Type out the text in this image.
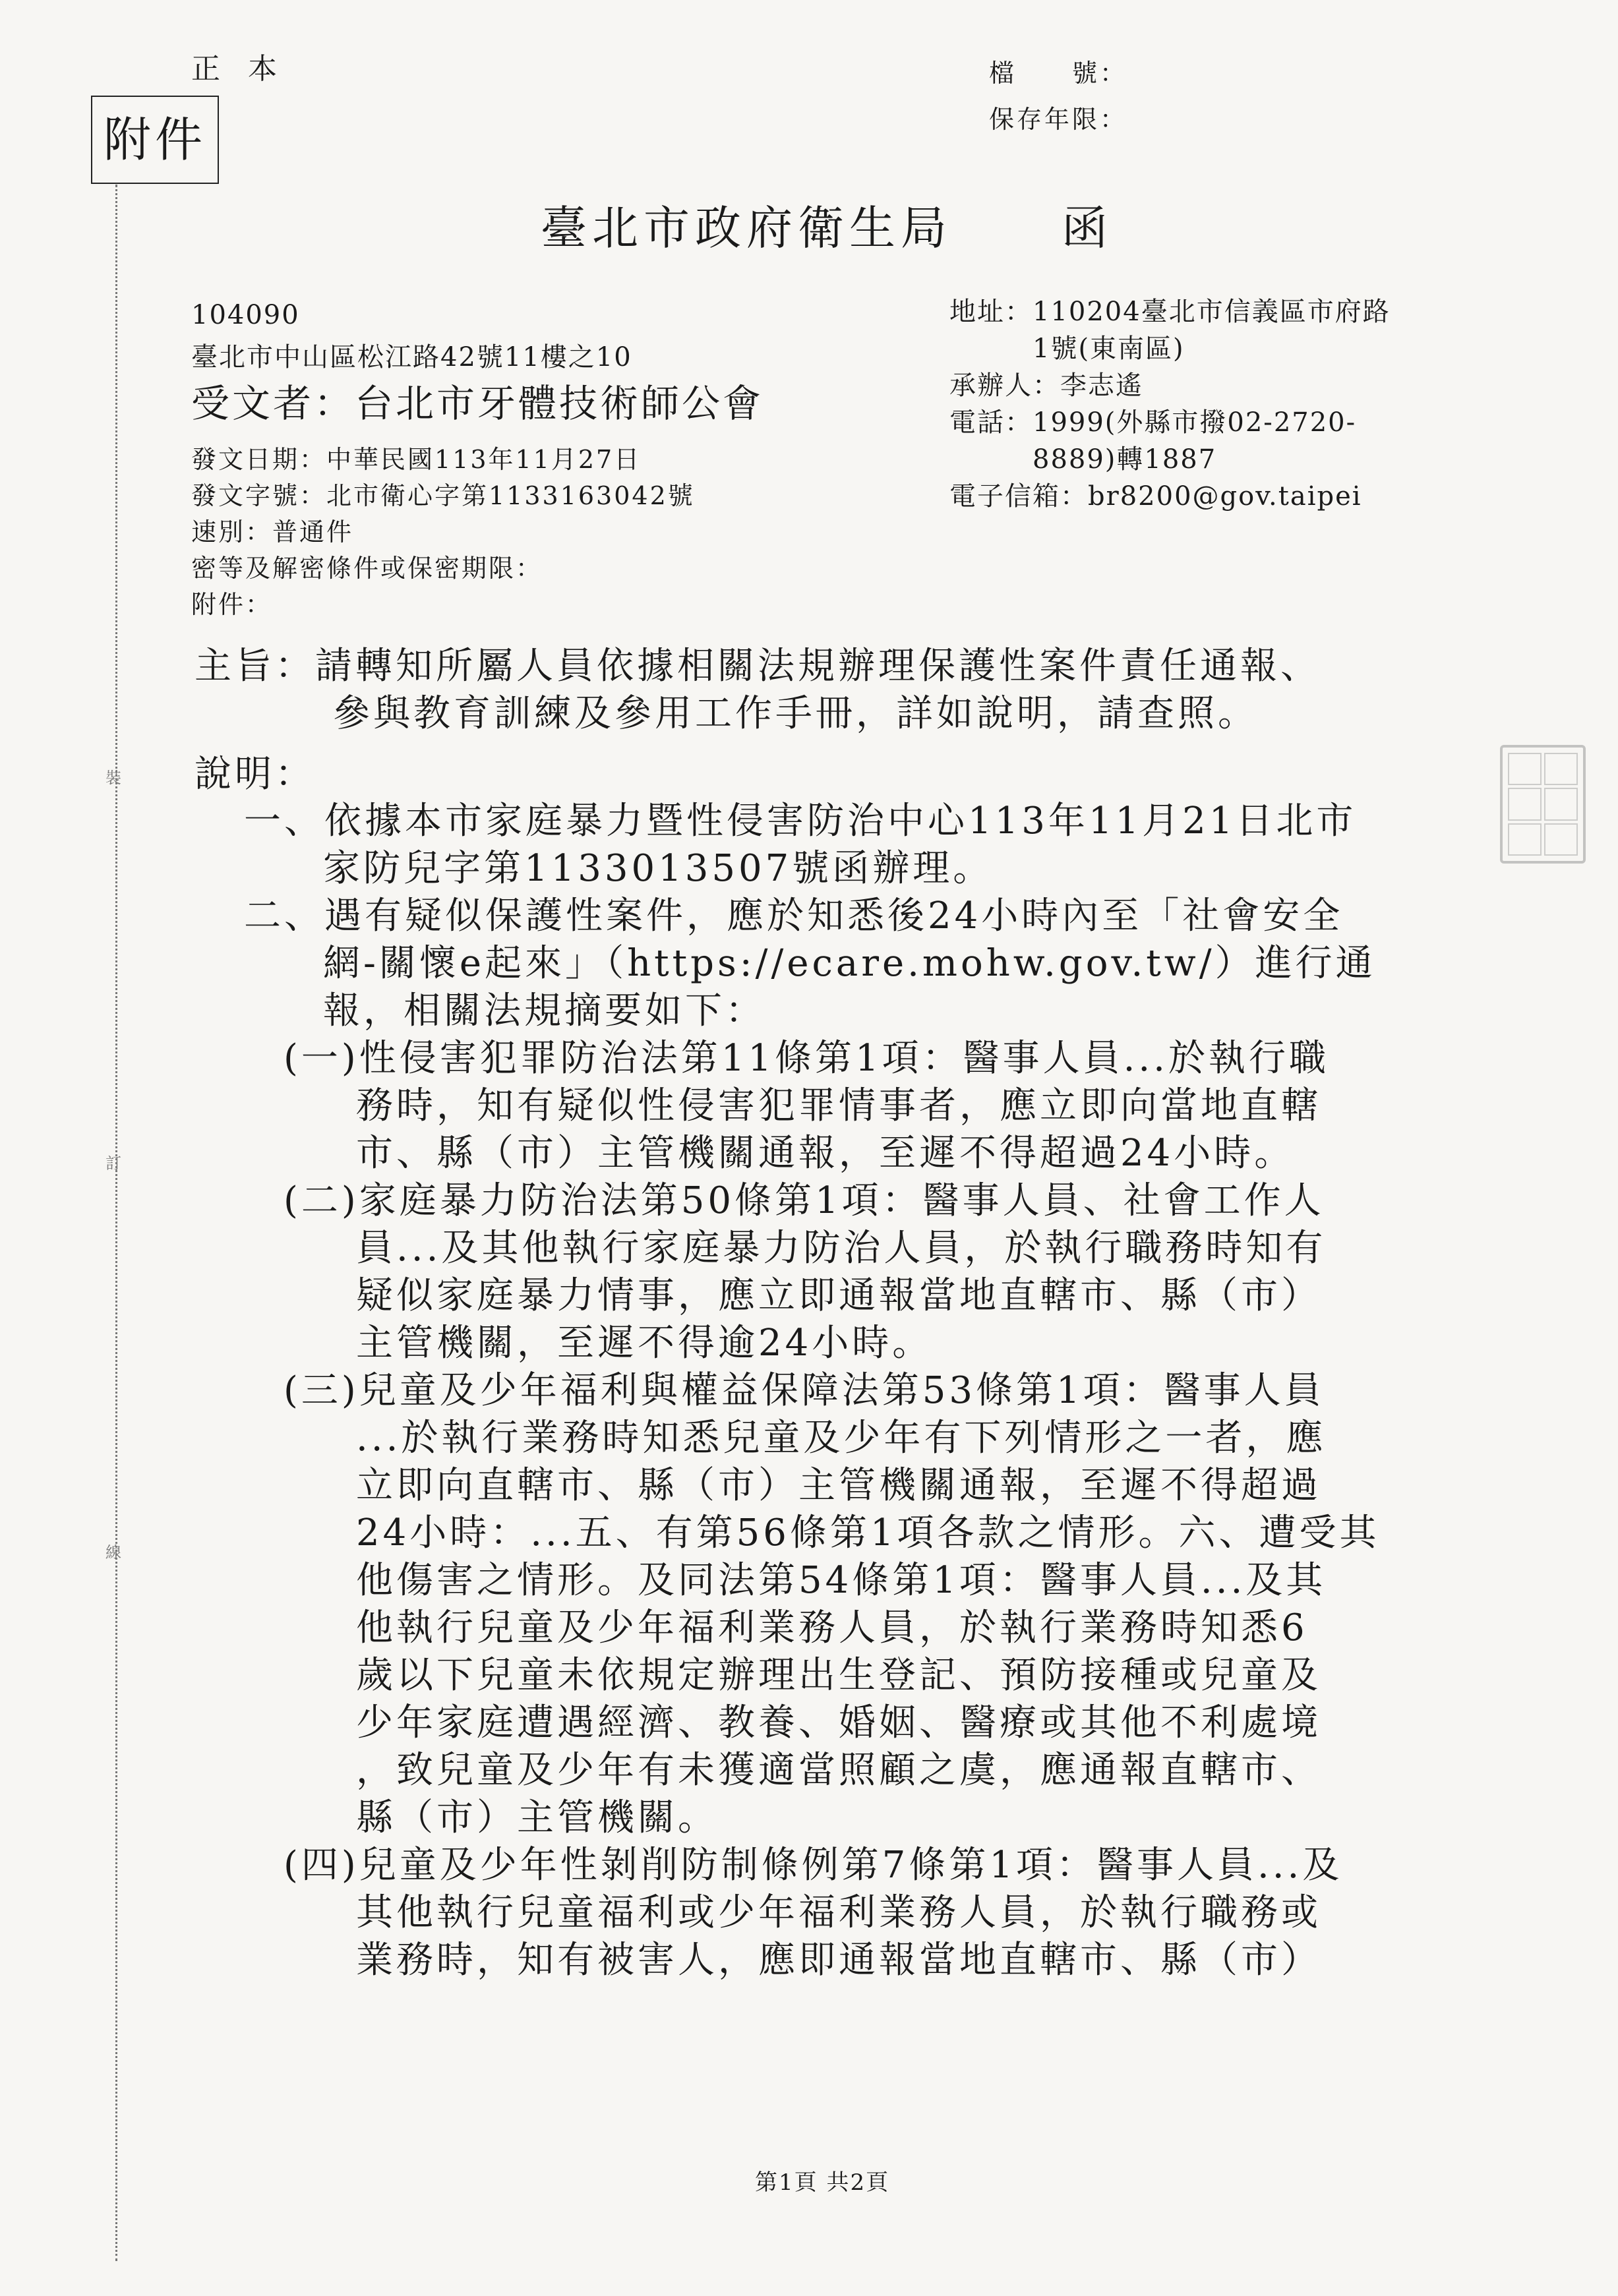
正本
附件
裝
訂
線
檔　　號：
保存年限：
臺北市政府衛生局 函
104090
臺北市中山區松江路42號11樓之10
受文者：台北市牙體技術師公會
地址：110204臺北市信義區市府路
　　　1號(東南區)
承辦人：李志遙
電話：1999(外縣市撥02-2720-
　　　8889)轉1887
電子信箱：br8200@gov.taipei
發文日期：中華民國113年11月27日
發文字號：北市衛心字第1133163042號
速別：普通件
密等及解密條件或保密期限：
附件：
主旨：請轉知所屬人員依據相關法規辦理保護性案件責任通報、
參與教育訓練及參用工作手冊，詳如說明，請查照。
說明：
一、依據本市家庭暴力暨性侵害防治中心113年11月21日北市
家防兒字第1133013507號函辦理。
二、遇有疑似保護性案件，應於知悉後24小時內至「社會安全
網-關懷e起來」（https://ecare.mohw.gov.tw/）進行通
報，相關法規摘要如下：
(一)性侵害犯罪防治法第11條第1項：醫事人員...於執行職
務時，知有疑似性侵害犯罪情事者，應立即向當地直轄
市、縣（市）主管機關通報，至遲不得超過24小時。
(二)家庭暴力防治法第50條第1項：醫事人員、社會工作人
員...及其他執行家庭暴力防治人員，於執行職務時知有
疑似家庭暴力情事，應立即通報當地直轄市、縣（市）
主管機關，至遲不得逾24小時。
(三)兒童及少年福利與權益保障法第53條第1項：醫事人員
...於執行業務時知悉兒童及少年有下列情形之一者，應
立即向直轄市、縣（市）主管機關通報，至遲不得超過
24小時：...五、有第56條第1項各款之情形。六、遭受其
他傷害之情形。及同法第54條第1項：醫事人員...及其
他執行兒童及少年福利業務人員，於執行業務時知悉6
歲以下兒童未依規定辦理出生登記、預防接種或兒童及
少年家庭遭遇經濟、教養、婚姻、醫療或其他不利處境
，致兒童及少年有未獲適當照顧之虞，應通報直轄市、
縣（市）主管機關。
(四)兒童及少年性剝削防制條例第7條第1項：醫事人員...及
其他執行兒童福利或少年福利業務人員，於執行職務或
業務時，知有被害人，應即通報當地直轄市、縣（市）
第1頁 共2頁
